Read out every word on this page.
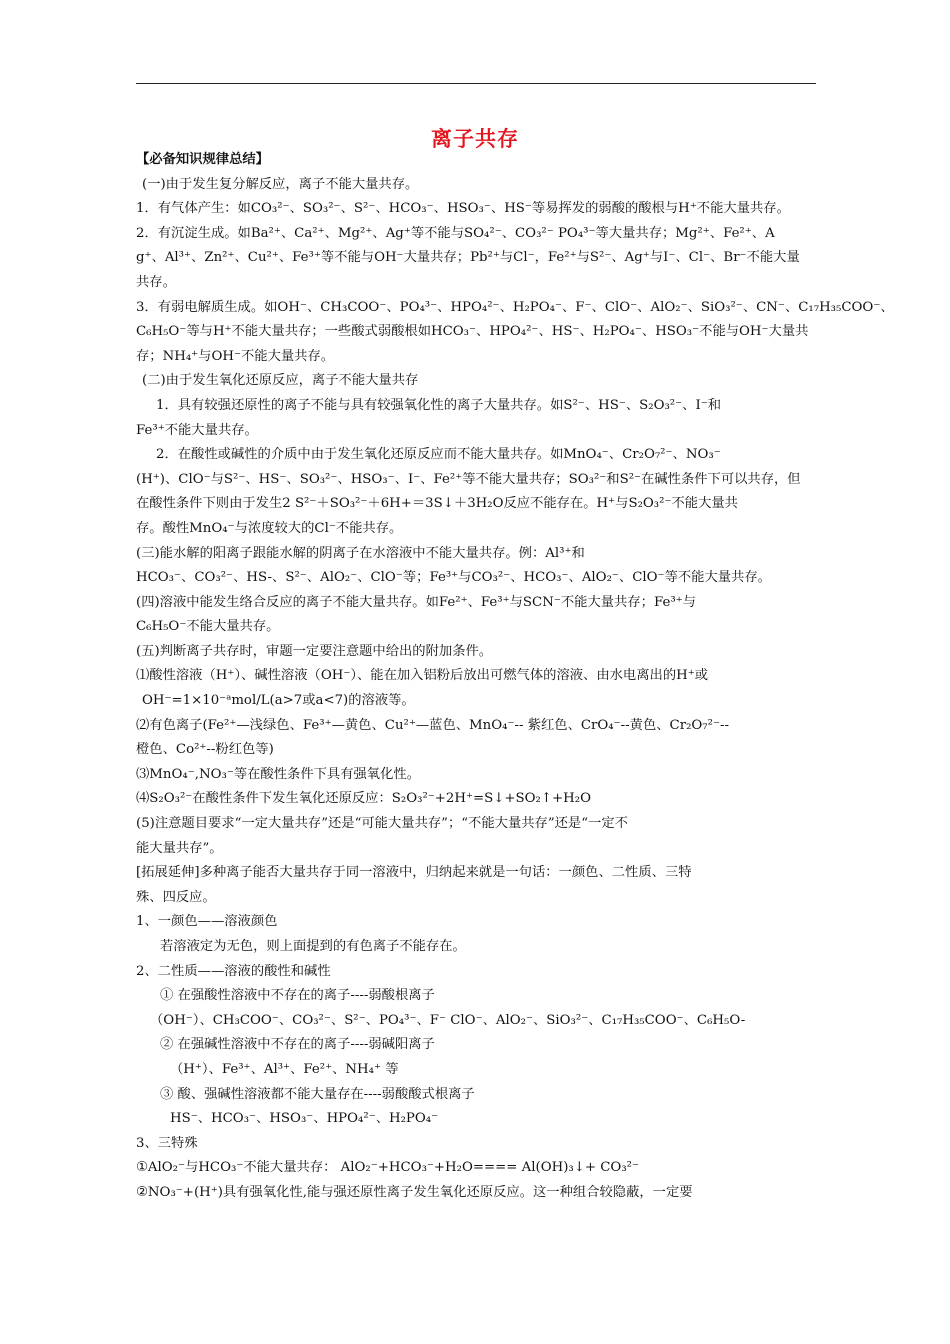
离子共存
【必备知识规律总结】
(一)由于发生复分解反应，离子不能大量共存。
1．有气体产生：如CO₃²⁻、SO₃²⁻、S²⁻、HCO₃⁻、HSO₃⁻、HS⁻等易挥发的弱酸的酸根与H⁺不能大量共存。
2．有沉淀生成。如Ba²⁺、Ca²⁺、Mg²⁺、Ag⁺等不能与SO₄²⁻、CO₃²⁻ PO₄³⁻等大量共存；Mg²⁺、Fe²⁺、A
g⁺、Al³⁺、Zn²⁺、Cu²⁺、Fe³⁺等不能与OH⁻大量共存；Pb²⁺与Cl⁻，Fe²⁺与S²⁻、Ag⁺与I⁻、Cl⁻、Br⁻不能大量
共存。
3．有弱电解质生成。如OH⁻、CH₃COO⁻、PO₄³⁻、HPO₄²⁻、H₂PO₄⁻、F⁻、ClO⁻、AlO₂⁻、SiO₃²⁻、CN⁻、C₁₇H₃₅COO⁻、
C₆H₅O⁻等与H⁺不能大量共存；一些酸式弱酸根如HCO₃⁻、HPO₄²⁻、HS⁻、H₂PO₄⁻、HSO₃⁻不能与OH⁻大量共
存；NH₄⁺与OH⁻不能大量共存。
(二)由于发生氧化还原反应，离子不能大量共存
1．具有较强还原性的离子不能与具有较强氧化性的离子大量共存。如S²⁻、HS⁻、S₂O₃²⁻、I⁻和
Fe³⁺不能大量共存。
2．在酸性或碱性的介质中由于发生氧化还原反应而不能大量共存。如MnO₄⁻、Cr₂O₇²⁻、NO₃⁻
(H⁺)、ClO⁻与S²⁻、HS⁻、SO₃²⁻、HSO₃⁻、I⁻、Fe²⁺等不能大量共存；SO₃²⁻和S²⁻在碱性条件下可以共存，但
在酸性条件下则由于发生2 S²⁻＋SO₃²⁻＋6H+＝3S↓＋3H₂O反应不能存在。H⁺与S₂O₃²⁻不能大量共
存。酸性MnO₄⁻与浓度较大的Cl⁻不能共存。
(三)能水解的阳离子跟能水解的阴离子在水溶液中不能大量共存。例：Al³⁺和
HCO₃⁻、CO₃²⁻、HS-、S²⁻、AlO₂⁻、ClO⁻等；Fe³⁺与CO₃²⁻、HCO₃⁻、AlO₂⁻、ClO⁻等不能大量共存。
(四)溶液中能发生络合反应的离子不能大量共存。如Fe²⁺、Fe³⁺与SCN⁻不能大量共存；Fe³⁺与
C₆H₅O⁻不能大量共存。
(五)判断离子共存时，审题一定要注意题中给出的附加条件。
⑴酸性溶液（H⁺）、碱性溶液（OH⁻）、能在加入铝粉后放出可燃气体的溶液、由水电离出的H⁺或
OH⁻=1×10⁻ᵃmol/L(a>7或a<7)的溶液等。
⑵有色离子(Fe²⁺—浅绿色、Fe³⁺—黄色、Cu²⁺—蓝色、MnO₄⁻-- 紫红色、CrO₄⁻--黄色、Cr₂O₇²⁻--
橙色、Co²⁺--粉红色等)
⑶MnO₄⁻,NO₃⁻等在酸性条件下具有强氧化性。
⑷S₂O₃²⁻在酸性条件下发生氧化还原反应：S₂O₃²⁻+2H⁺=S↓+SO₂↑+H₂O
(5)注意题目要求“一定大量共存”还是“可能大量共存”；“不能大量共存”还是“一定不
能大量共存”。
[拓展延伸]多种离子能否大量共存于同一溶液中，归纳起来就是一句话：一颜色、二性质、三特
殊、四反应。
1、一颜色——溶液颜色
若溶液定为无色，则上面提到的有色离子不能存在。
2、二性质——溶液的酸性和碱性
① 在强酸性溶液中不存在的离子----弱酸根离子
（OH⁻）、CH₃COO⁻、CO₃²⁻、S²⁻、PO₄³⁻、F⁻ ClO⁻、AlO₂⁻、SiO₃²⁻、C₁₇H₃₅COO⁻、C₆H₅O-
② 在强碱性溶液中不存在的离子----弱碱阳离子
（H⁺）、Fe³⁺、Al³⁺、Fe²⁺、NH₄⁺ 等
③ 酸、强碱性溶液都不能大量存在----弱酸酸式根离子
HS⁻、HCO₃⁻、HSO₃⁻、HPO₄²⁻、H₂PO₄⁻
3、三特殊
①AlO₂⁻与HCO₃⁻不能大量共存： AlO₂⁻+HCO₃⁻+H₂O==== Al(OH)₃↓+ CO₃²⁻
②NO₃⁻+(H⁺)具有强氧化性,能与强还原性离子发生氧化还原反应。这一种组合较隐蔽，一定要
